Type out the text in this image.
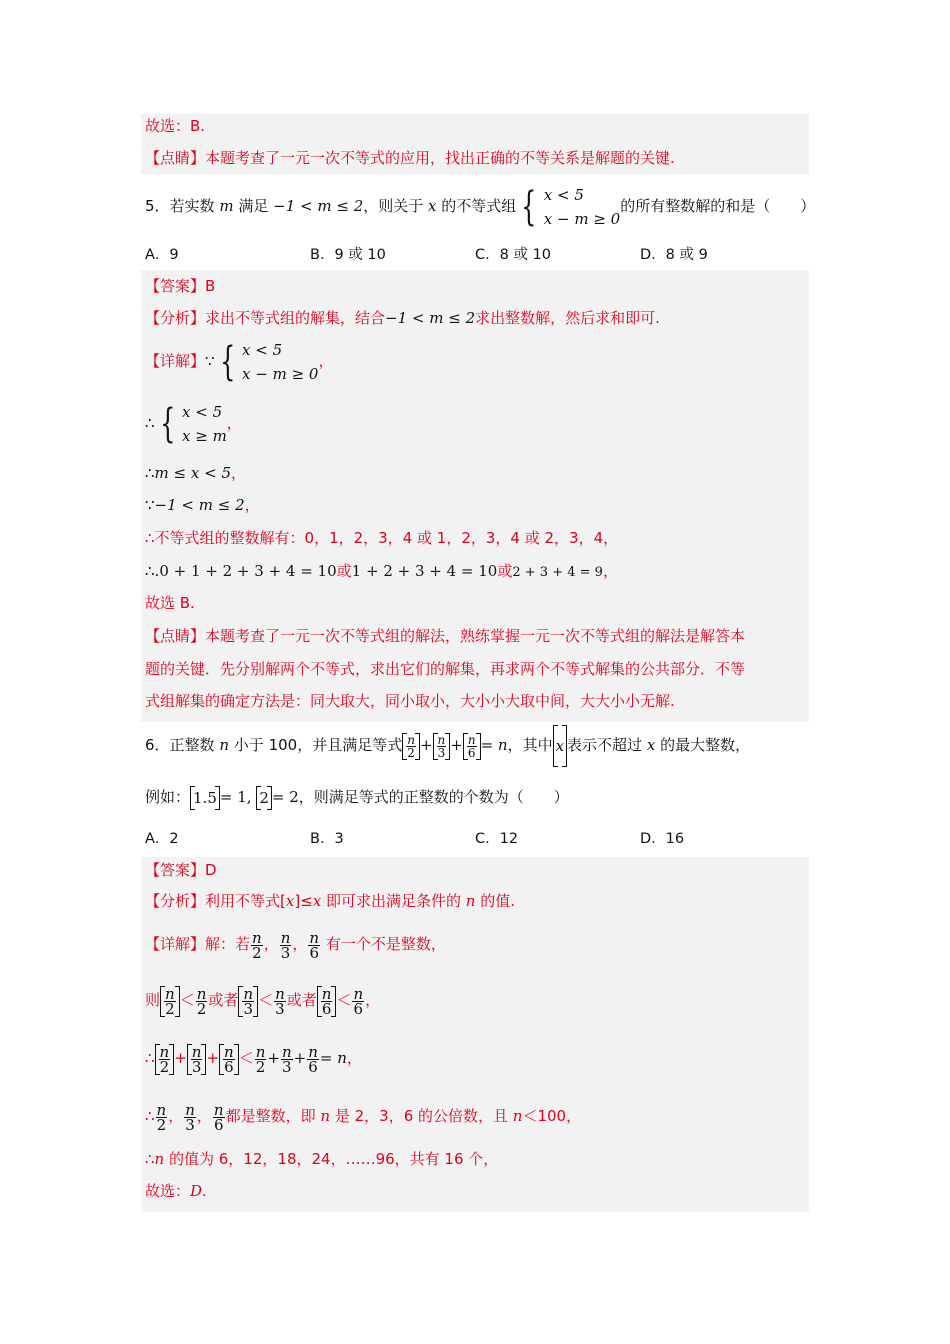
故选：B.
【点睛】本题考查了一元一次不等式的应用，找出正确的不等关系是解题的关键.
5．若实数 m 满足 −1 < m ≤ 2，则关于 x 的不等式组 { x < 5
x − m ≥ 0
的所有整数解的和是（　　）
A．9	B．9 或 10	C．8 或 10	D．8 或 9
【答案】B
【分析】求出不等式组的解集，结合−1 < m ≤ 2求出整数解，然后求和即可.
【详解】∵ { x < 5
x − m ≥ 0
，
∴ { x < 5
x ≥ m
，
∴m ≤ x < 5，
∵−1 < m ≤ 2，
∴不等式组的整数解有：0，1，2，3，4 或 1，2，3，4 或 2，3，4，
∴.0 + 1 + 2 + 3 + 4 = 10或1 + 2 + 3 + 4 = 10或2 + 3 + 4 = 9，
故选 B.
【点睛】本题考查了一元一次不等式组的解法，熟练掌握一元一次不等式组的解法是解答本
题的关键．先分别解两个不等式，求出它们的解集，再求两个不等式解集的公共部分．不等
式组解集的确定方法是：同大取大，同小取小，大小小大取中间，大大小小无解.
6．正整数 n 小于 100，并且满足等式 $\frac{n}{2} + \frac{n}{3} + \frac{n}{6} = n$，其中 x 表示不超过 x 的最大整数，
例如： 1.5 = 1, 2 = 2，则满足等式的正整数的个数为（　　）
A．2	B．3	C．12	D．16
【答案】D
【分析】利用不等式[x]≤x 即可求出满足条件的 n 的值.
【详解】解：若 $\frac{n}{2}$ ， $\frac{n}{3}$ ， $\frac{n}{6}$ 有一个不是整数，
则 $\frac{n}{2} < \frac{n}{2}$ 或者 $\frac{n}{3} < \frac{n}{3}$ 或者 $\frac{n}{6} < \frac{n}{6}$ ，
∴ $\frac{n}{2} + \frac{n}{3} + \frac{n}{6} < \frac{n}{2} + \frac{n}{3} + \frac{n}{6} = n$，
∴ $\frac{n}{2}$ ， $\frac{n}{3}$ ， $\frac{n}{6}$ 都是整数，即 n 是 2，3，6 的公倍数，且 n＜100，
∴n 的值为 6，12，18，24，……96，共有 16 个，
故选：D.
